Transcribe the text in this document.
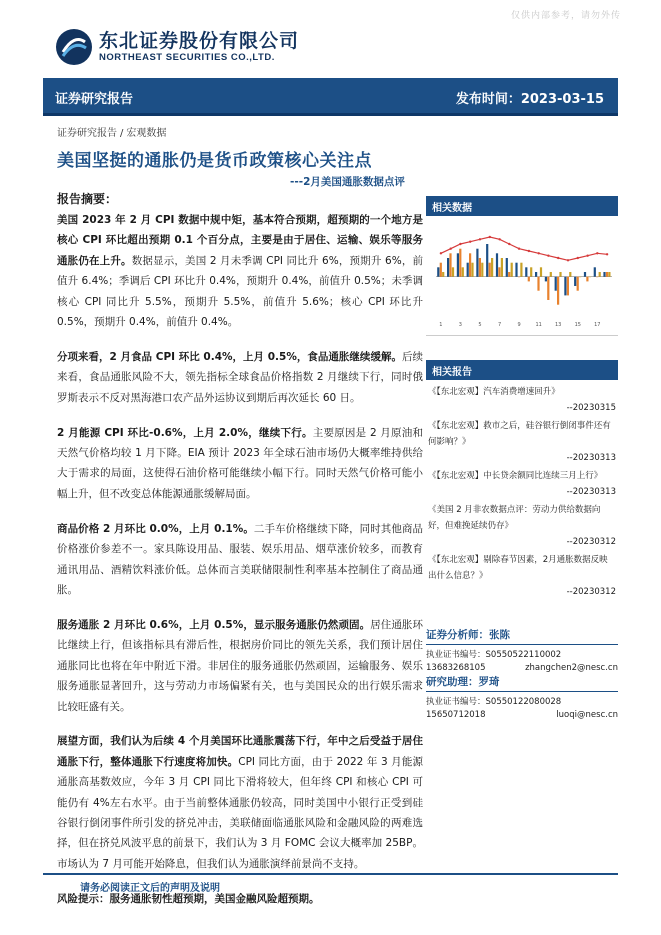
仅供内部参考，请勿外传
东北证券股份有限公司
NORTHEAST SECURITIES CO.,LTD.
证券研究报告	发布时间：2023-03-15
证券研究报告 / 宏观数据
美国坚挺的通胀仍是货币政策核心关注点
---2月美国通胀数据点评
报告摘要：

美国 2023 年 2 月 CPI 数据中规中矩，基本符合预期，超预期的一个地方是核心 CPI 环比超出预期 0.1 个百分点，主要是由于居住、运输、娱乐等服务通胀仍在上升。数据显示，美国 2 月未季调 CPI 同比升 6%，预期升 6%，前值升 6.4%；季调后 CPI 环比升 0.4%，预期升 0.4%，前值升 0.5%；未季调核心 CPI 同比升 5.5%，预期升 5.5%，前值升 5.6%；核心 CPI 环比升 0.5%，预期升 0.4%，前值升 0.4%。

分项来看，2 月食品 CPI 环比 0.4%，上月 0.5%，食品通胀继续缓解。后续来看，食品通胀风险不大，领先指标全球食品价格指数 2 月继续下行，同时俄罗斯表示不反对黑海港口农产品外运协议到期后再次延长 60 日。

2 月能源 CPI 环比-0.6%，上月 2.0%，继续下行。主要原因是 2 月原油和天然气价格均较 1 月下降。EIA 预计 2023 年全球石油市场仍大概率维持供给大于需求的局面，这使得石油价格可能继续小幅下行。同时天然气价格可能小幅上升，但不改变总体能源通胀缓解局面。

商品价格 2 月环比 0.0%，上月 0.1%。二手车价格继续下降，同时其他商品价格涨价参差不一。家具陈设用品、服装、娱乐用品、烟草涨价较多，而教育通讯用品、酒精饮料涨价低。总体而言美联储限制性利率基本控制住了商品通胀。

服务通胀 2 月环比 0.6%，上月 0.5%，显示服务通胀仍然顽固。居住通胀环比继续上行，但该指标具有滞后性，根据房价同比的领先关系，我们预计居住通胀同比也将在年中附近下滑。非居住的服务通胀仍然顽固，运输服务、娱乐服务通胀显著回升，这与劳动力市场偏紧有关，也与美国民众的出行娱乐需求比较旺盛有关。

展望方面，我们认为后续 4 个月美国环比通胀震荡下行，年中之后受益于居住通胀下行，整体通胀下行速度将加快。CPI 同比方面，由于 2022 年 3 月能源通胀高基数效应，今年 3 月 CPI 同比下滑将较大，但年终 CPI 和核心 CPI 可能仍有 4%左右水平。由于当前整体通胀仍较高，同时美国中小银行正受到硅谷银行倒闭事件所引发的挤兑冲击，美联储面临通胀风险和金融风险的两难选择，但在挤兑风波平息的前景下，我们认为 3 月 FOMC 会议大概率加 25BP。市场认为 7 月可能开始降息，但我们认为通胀演绎前景尚不支持。

风险提示：服务通胀韧性超预期，美国金融风险超预期。

相关数据
1	3	5	7	9	11	13	15	17
相关报告
《【东北宏观】汽车消费增速回升》
--20230315
《【东北宏观】救市之后，硅谷银行倒闭事件还有何影响？》
--20230313
《【东北宏观】中长贷余额同比连续三月上行》
--20230313
《美国 2 月非农数据点评：劳动力供给数据向好，但难挽延续仍存》
--20230312
《【东北宏观】剔除春节因素，2月通胀数据反映出什么信息？》
--20230312
证券分析师：张陈
执业证书编号：S0550522110002
13683268105	zhangchen2@nesc.cn
研究助理：罗琦
执业证书编号：S0550122080028
15650712018	luoqi@nesc.cn
请务必阅读正文后的声明及说明
